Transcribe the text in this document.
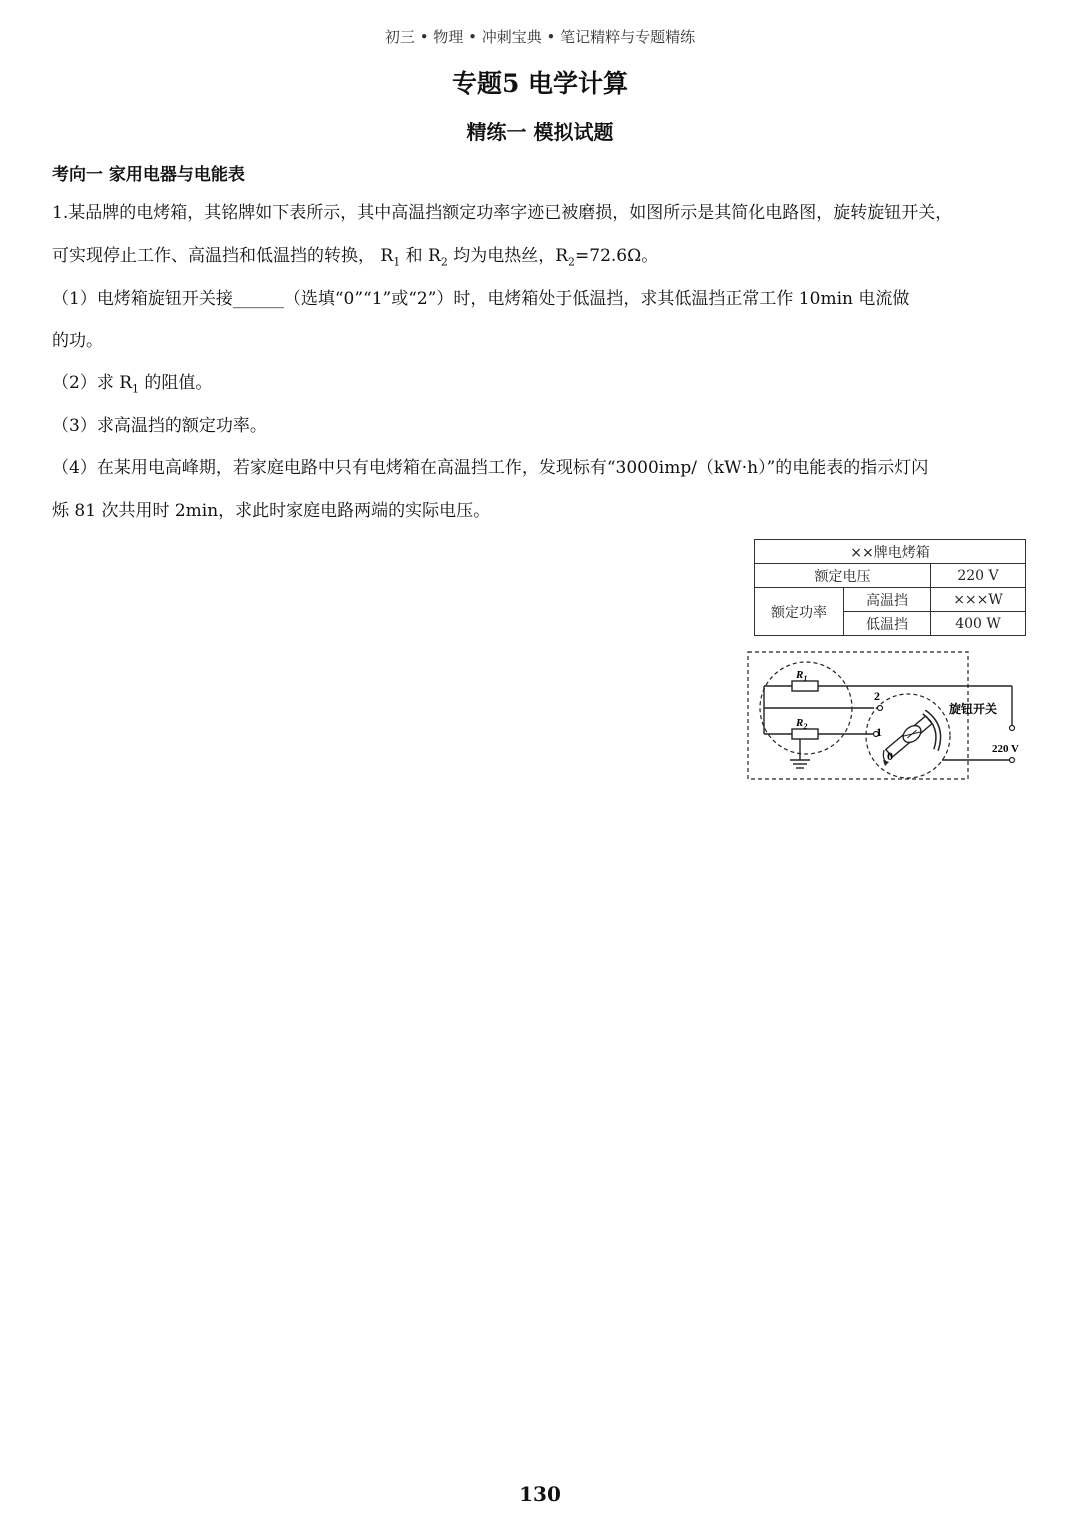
初三 • 物理 • 冲刺宝典 • 笔记精粹与专题精练
专题5 电学计算
精练一 模拟试题
考向一 家用电器与电能表
1.某品牌的电烤箱，其铭牌如下表所示，其中高温挡额定功率字迹已被磨损，如图所示是其简化电路图，旋转旋钮开关，
可实现停止工作、高温挡和低温挡的转换， $R_1$ 和 $R_2$ 均为电热丝，$R_2=72.6\Omega$。
（1）电烤箱旋钮开关接______（选填“0”“1”或“2”）时，电烤箱处于低温挡，求其低温挡正常工作 10min 电流做
的功。
（2）求 $R_1$ 的阻值。
（3）求高温挡的额定功率。
（4）在某用电高峰期，若家庭电路中只有电烤箱在高温挡工作，发现标有“3000imp/（kW·h）”的电能表的指示灯闪
烁 81 次共用时 2min，求此时家庭电路两端的实际电压。
××牌电烤箱		
额定电压		220 V
额定功率	高温挡	×××W
	低温挡	400 W
$R_1$
$R_2$
2
1
0
旋钮开关
220 V
130
